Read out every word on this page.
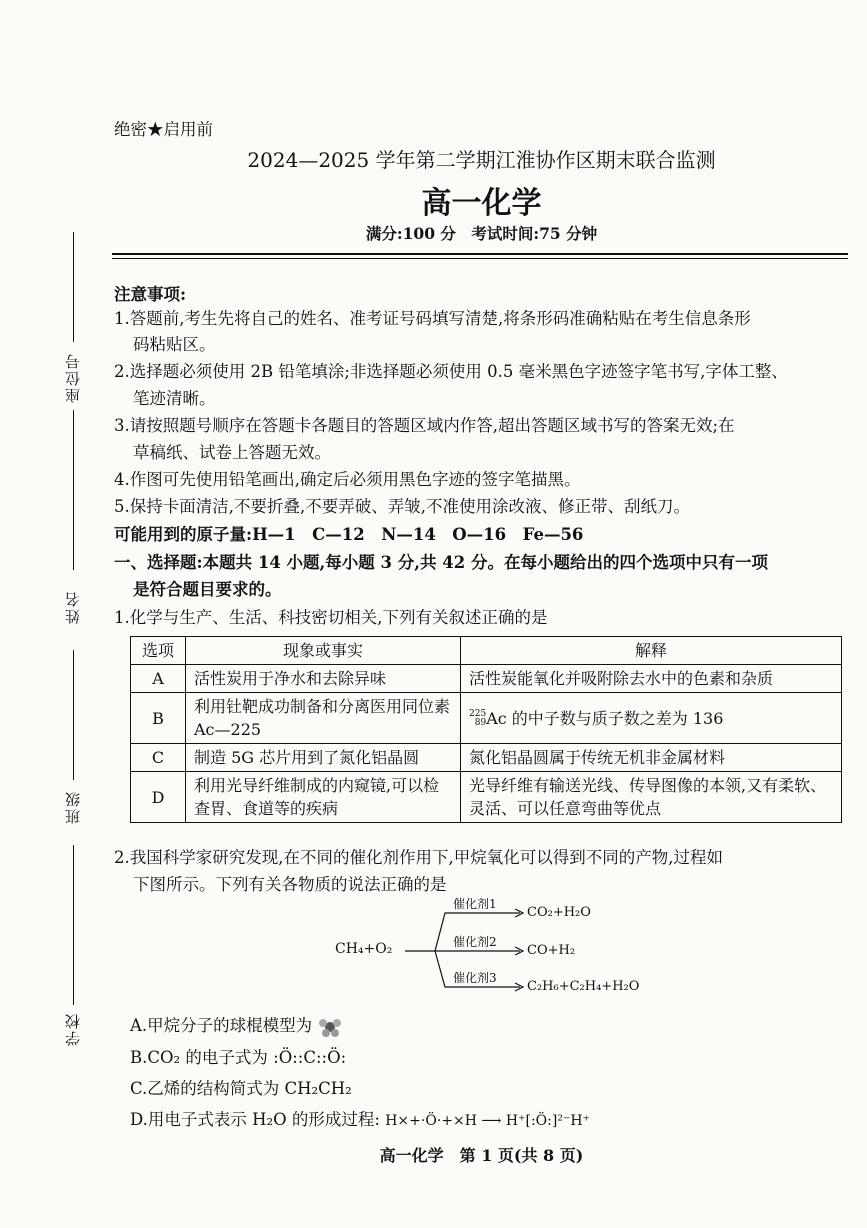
座位号
姓名
班级
学校
绝密★启用前
2024—2025 学年第二学期江淮协作区期末联合监测
高一化学
满分:100 分　考试时间:75 分钟
注意事项:
1.答题前,考生先将自己的姓名、准考证号码填写清楚,将条形码准确粘贴在考生信息条形
码粘贴区。
2.选择题必须使用 2B 铅笔填涂;非选择题必须使用 0.5 毫米黑色字迹签字笔书写,字体工整、
笔迹清晰。
3.请按照题号顺序在答题卡各题目的答题区域内作答,超出答题区域书写的答案无效;在
草稿纸、试卷上答题无效。
4.作图可先使用铅笔画出,确定后必须用黑色字迹的签字笔描黑。
5.保持卡面清洁,不要折叠,不要弄破、弄皱,不准使用涂改液、修正带、刮纸刀。
可能用到的原子量:H—1　C—12　N—14　O—16　Fe—56
一、选择题:本题共 14 小题,每小题 3 分,共 42 分。在每小题给出的四个选项中只有一项
是符合题目要求的。
1.化学与生产、生活、科技密切相关,下列有关叙述正确的是
选项	现象或事实	解释
A	活性炭用于净水和去除异味	活性炭能氧化并吸附除去水中的色素和杂质
B	利用钍靶成功制备和分离医用同位素 Ac—225	225
89Ac 的中子数与质子数之差为 136
C	制造 5G 芯片用到了氮化铝晶圆	氮化铝晶圆属于传统无机非金属材料
D	利用光导纤维制成的内窥镜,可以检查胃、食道等的疾病	光导纤维有输送光线、传导图像的本领,又有柔软、灵活、可以任意弯曲等优点
2.我国科学家研究发现,在不同的催化剂作用下,甲烷氧化可以得到不同的产物,过程如
下图所示。下列有关各物质的说法正确的是
CH₄+O₂
催化剂1
CO₂+H₂O
催化剂2
CO+H₂
催化剂3
C₂H₆+C₂H₄+H₂O
A.甲烷分子的球棍模型为
B.CO₂ 的电子式为 :Ö::C::Ö:
C.乙烯的结构简式为 CH₂CH₂
D.用电子式表示 H₂O 的形成过程: H×+·Ö·+×H ⟶ H⁺[:Ö:]²⁻H⁺
高一化学　第 1 页(共 8 页)
